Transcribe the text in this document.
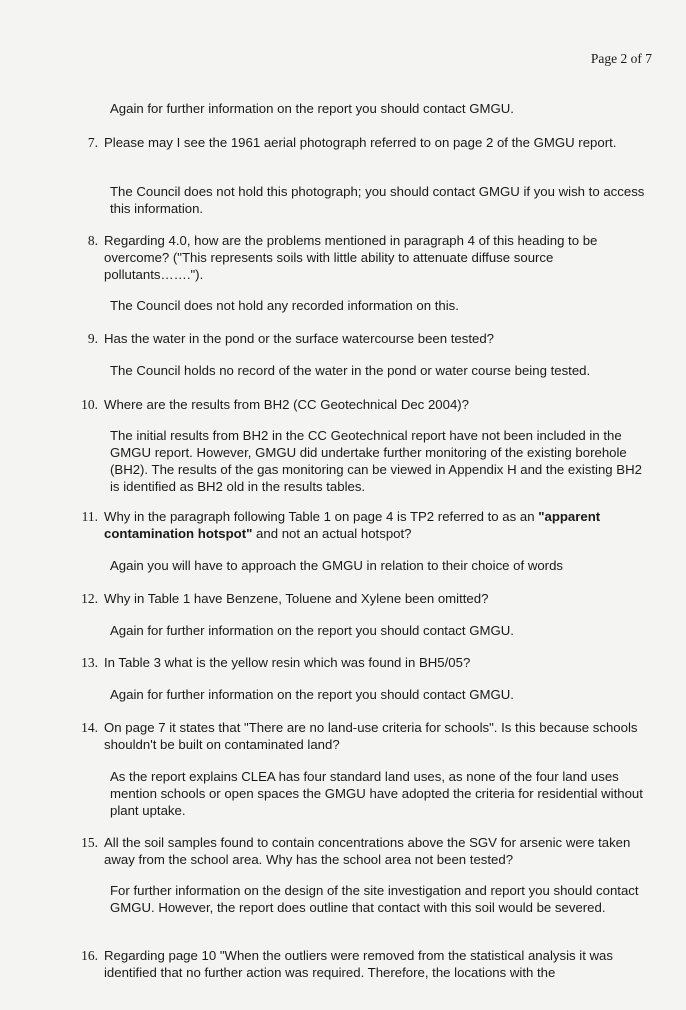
Page 2 of 7
Again for further information on the report you should contact GMGU.
7. Please may I see the 1961 aerial photograph referred to on page 2 of the GMGU report.
The Council does not hold this photograph; you should contact GMGU if you wish to access this information.
8. Regarding 4.0, how are the problems mentioned in paragraph 4 of this heading to be overcome? ("This represents soils with little ability to attenuate diffuse source pollutants…….").
The Council does not hold any recorded information on this.
9. Has the water in the pond or the surface watercourse been tested?
The Council holds no record of the water in the pond or water course being tested.
10. Where are the results from BH2 (CC Geotechnical Dec 2004)?
The initial results from BH2 in the CC Geotechnical report have not been included in the GMGU report. However, GMGU did undertake further monitoring of the existing borehole (BH2). The results of the gas monitoring can be viewed in Appendix H and the existing BH2 is identified as BH2 old in the results tables.
11. Why in the paragraph following Table 1 on page 4 is TP2 referred to as an "apparent contamination hotspot" and not an actual hotspot?
Again you will have to approach the GMGU in relation to their choice of words
12. Why in Table 1 have Benzene, Toluene and Xylene been omitted?
Again for further information on the report you should contact GMGU.
13. In Table 3 what is the yellow resin which was found in BH5/05?
Again for further information on the report you should contact GMGU.
14. On page 7 it states that "There are no land-use criteria for schools". Is this because schools shouldn't be built on contaminated land?
As the report explains CLEA has four standard land uses, as none of the four land uses mention schools or open spaces the GMGU have adopted the criteria for residential without plant uptake.
15. All the soil samples found to contain concentrations above the SGV for arsenic were taken away from the school area. Why has the school area not been tested?
For further information on the design of the site investigation and report you should contact GMGU. However, the report does outline that contact with this soil would be severed.
16. Regarding page 10 "When the outliers were removed from the statistical analysis it was identified that no further action was required. Therefore, the locations with the
